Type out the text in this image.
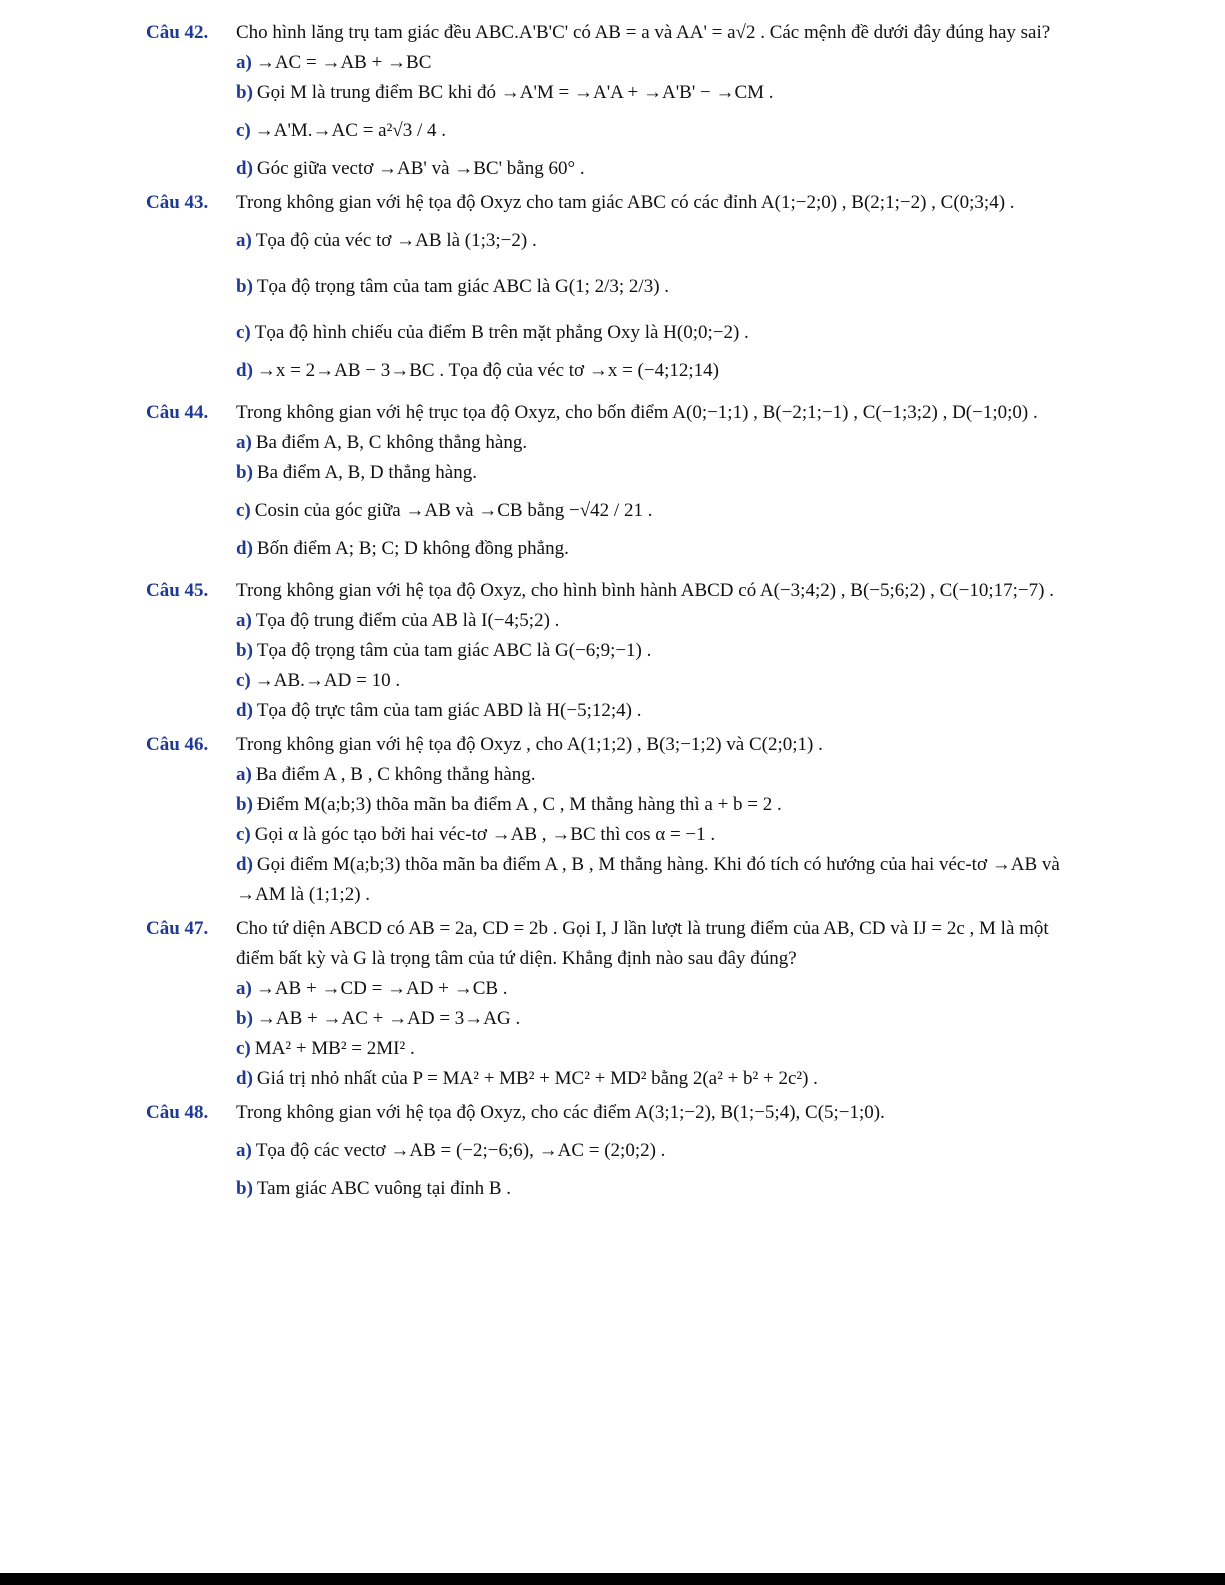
Câu 42. Cho hình lăng trụ tam giác đều ABC.A'B'C' có AB = a và AA' = a√2 . Các mệnh đề dưới đây đúng hay sai?
a) →AC = →AB + →BC
b) Gọi M là trung điểm BC khi đó →A'M = →A'A + →A'B' − →CM .
c) →A'M.→AC = a²√3 / 4 .
d) Góc giữa vectơ →AB' và →BC' bằng 60° .
Câu 43. Trong không gian với hệ tọa độ Oxyz cho tam giác ABC có các đỉnh A(1;−2;0) , B(2;1;−2) , C(0;3;4) .
a) Tọa độ của véc tơ →AB là (1;3;−2) .
b) Tọa độ trọng tâm của tam giác ABC là G(1; 2/3; 2/3) .
c) Tọa độ hình chiếu của điểm B trên mặt phẳng Oxy là H(0;0;−2) .
d) →x = 2→AB − 3→BC . Tọa độ của véc tơ →x = (−4;12;14)
Câu 44. Trong không gian với hệ trục tọa độ Oxyz, cho bốn điểm A(0;−1;1) , B(−2;1;−1) , C(−1;3;2) , D(−1;0;0) .
a) Ba điểm A, B, C không thẳng hàng.
b) Ba điểm A, B, D thẳng hàng.
c) Cosin của góc giữa →AB và →CB bằng −√42 / 21 .
d) Bốn điểm A; B; C; D không đồng phẳng.
Câu 45. Trong không gian với hệ tọa độ Oxyz, cho hình bình hành ABCD có A(−3;4;2) , B(−5;6;2) , C(−10;17;−7) .
a) Tọa độ trung điểm của AB là I(−4;5;2) .
b) Tọa độ trọng tâm của tam giác ABC là G(−6;9;−1) .
c) →AB.→AD = 10 .
d) Tọa độ trực tâm của tam giác ABD là H(−5;12;4) .
Câu 46. Trong không gian với hệ tọa độ Oxyz , cho A(1;1;2) , B(3;−1;2) và C(2;0;1) .
a) Ba điểm A , B , C không thẳng hàng.
b) Điểm M(a;b;3) thõa mãn ba điểm A , C , M thẳng hàng thì a + b = 2 .
c) Gọi α là góc tạo bởi hai véc-tơ →AB , →BC thì cos α = −1 .
d) Gọi điểm M(a;b;3) thõa mãn ba điểm A , B , M thẳng hàng. Khi đó tích có hướng của hai véc-tơ →AB và →AM là (1;1;2) .
Câu 47. Cho tứ diện ABCD có AB = 2a, CD = 2b . Gọi I, J lần lượt là trung điểm của AB, CD và IJ = 2c , M là một điểm bất kỳ và G là trọng tâm của tứ diện. Khẳng định nào sau đây đúng?
a) →AB + →CD = →AD + →CB .
b) →AB + →AC + →AD = 3→AG .
c) MA² + MB² = 2MI² .
d) Giá trị nhỏ nhất của P = MA² + MB² + MC² + MD² bằng 2(a² + b² + 2c²) .
Câu 48. Trong không gian với hệ tọa độ Oxyz, cho các điểm A(3;1;−2), B(1;−5;4), C(5;−1;0).
a) Tọa độ các vectơ →AB = (−2;−6;6), →AC = (2;0;2) .
b) Tam giác ABC vuông tại đỉnh B .
